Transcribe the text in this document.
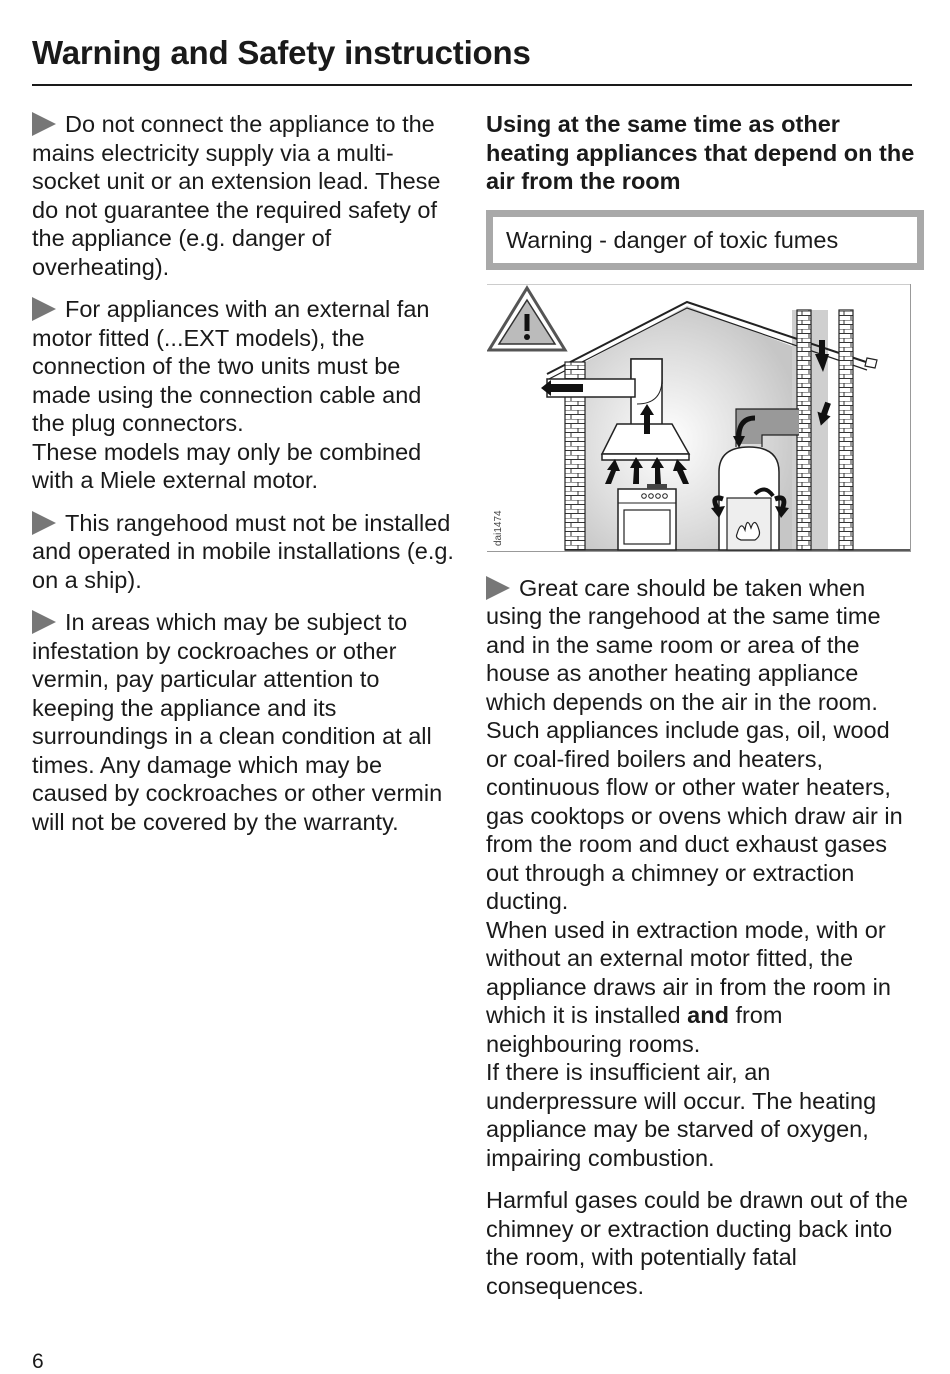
Warning and Safety instructions

Do not connect the appliance to the mains electricity supply via a multi-socket unit or an extension lead. These do not guarantee the required safety of the appliance (e.g. danger of overheating).

For appliances with an external fan motor fitted (...EXT models), the connection of the two units must be made using the connection cable and the plug connectors.
These models may only be combined with a Miele external motor.

This rangehood must not be installed and operated in mobile installations (e.g. on a ship).

In areas which may be subject to infestation by cockroaches or other vermin, pay particular attention to keeping the appliance and its surroundings in a clean condition at all times. Any damage which may be caused by cockroaches or other vermin will not be covered by the warranty.

Using at the same time as other heating appliances that depend on the air from the room

Warning - danger of toxic fumes
dai1474

Great care should be taken when using the rangehood at the same time and in the same room or area of the house as another heating appliance which depends on the air in the room. Such appliances include gas, oil, wood or coal-fired boilers and heaters, continuous flow or other water heaters, gas cooktops or ovens which draw air in from the room and duct exhaust gases out through a chimney or extraction ducting.
When used in extraction mode, with or without an external motor fitted, the appliance draws air in from the room in which it is installed and from neighbouring rooms.
If there is insufficient air, an underpressure will occur. The heating appliance may be starved of oxygen, impairing combustion.

Harmful gases could be drawn out of the chimney or extraction ducting back into the room, with potentially fatal consequences.

6
